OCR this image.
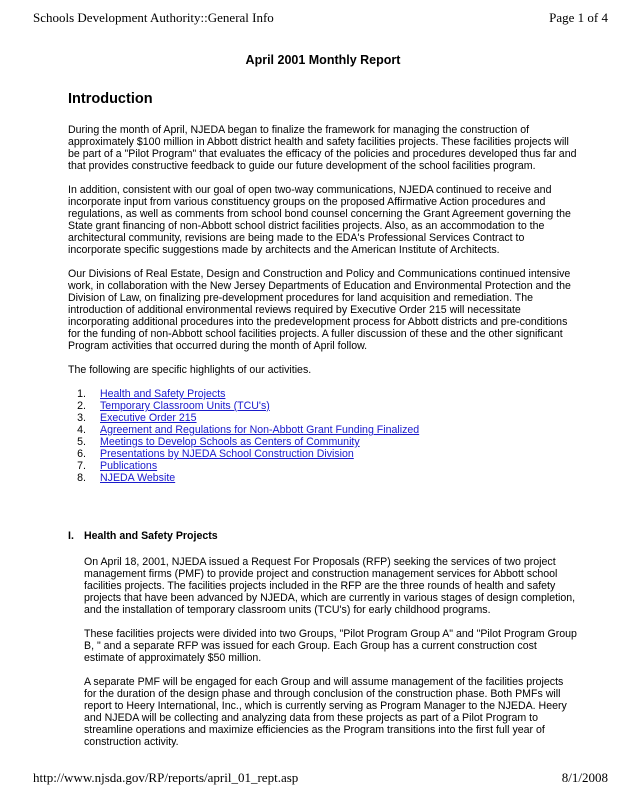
Schools Development Authority::General Info	Page 1 of 4
April 2001 Monthly Report
Introduction

During the month of April, NJEDA began to finalize the framework for managing the construction of approximately $100 million in Abbott district health and safety facilities projects. These facilities projects will be part of a "Pilot Program" that evaluates the efficacy of the policies and procedures developed thus far and that provides constructive feedback to guide our future development of the school facilities program.

In addition, consistent with our goal of open two-way communications, NJEDA continued to receive and incorporate input from various constituency groups on the proposed Affirmative Action procedures and regulations, as well as comments from school bond counsel concerning the Grant Agreement governing the State grant financing of non-Abbott school district facilities projects. Also, as an accommodation to the architectural community, revisions are being made to the EDA's Professional Services Contract to incorporate specific suggestions made by architects and the American Institute of Architects.

Our Divisions of Real Estate, Design and Construction and Policy and Communications continued intensive work, in collaboration with the New Jersey Departments of Education and Environmental Protection and the Division of Law, on finalizing pre-development procedures for land acquisition and remediation. The introduction of additional environmental reviews required by Executive Order 215 will necessitate incorporating additional procedures into the predevelopment process for Abbott districts and pre-conditions for the funding of non-Abbott school facilities projects. A fuller discussion of these and the other significant Program activities that occurred during the month of April follow.

The following are specific highlights of our activities.

Health and Safety Projects
Temporary Classroom Units (TCU's)
Executive Order 215
Agreement and Regulations for Non-Abbott Grant Funding Finalized
Meetings to Develop Schools as Centers of Community
Presentations by NJEDA School Construction Division
Publications
NJEDA Website
I. Health and Safety Projects

On April 18, 2001, NJEDA issued a Request For Proposals (RFP) seeking the services of two project management firms (PMF) to provide project and construction management services for Abbott school facilities projects. The facilities projects included in the RFP are the three rounds of health and safety projects that have been advanced by NJEDA, which are currently in various stages of design completion, and the installation of temporary classroom units (TCU's) for early childhood programs.

These facilities projects were divided into two Groups, "Pilot Program Group A" and "Pilot Program Group B, " and a separate RFP was issued for each Group. Each Group has a current construction cost estimate of approximately $50 million.

A separate PMF will be engaged for each Group and will assume management of the facilities projects for the duration of the design phase and through conclusion of the construction phase. Both PMFs will report to Heery International, Inc., which is currently serving as Program Manager to the NJEDA. Heery and NJEDA will be collecting and analyzing data from these projects as part of a Pilot Program to streamline operations and maximize efficiencies as the Program transitions into the first full year of construction activity.

http://www.njsda.gov/RP/reports/april_01_rept.asp	8/1/2008
